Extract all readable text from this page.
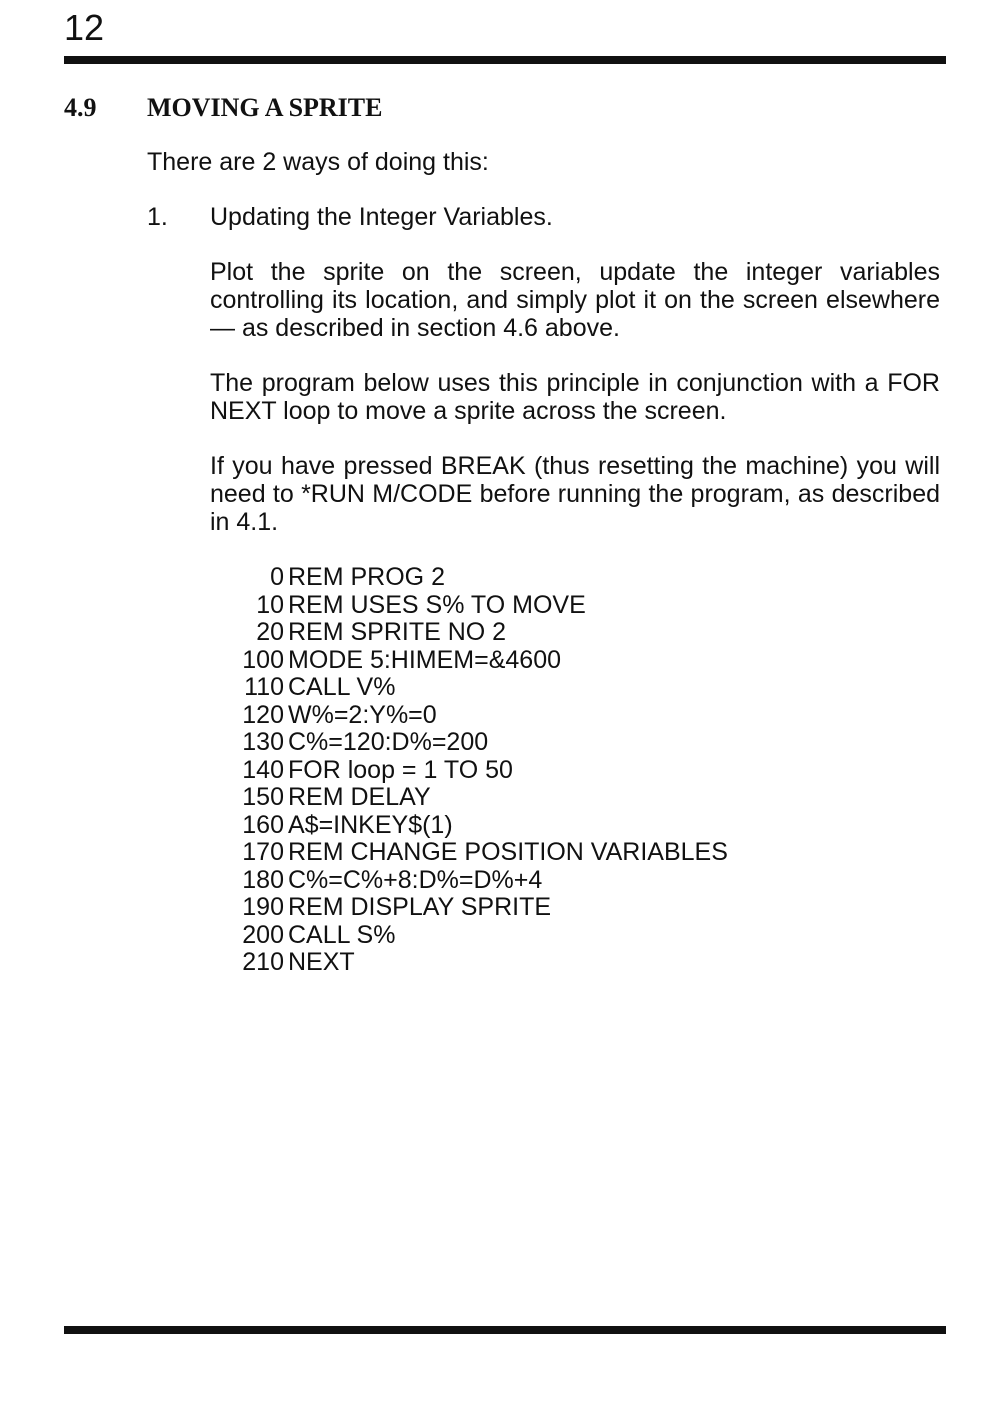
12
4.9 MOVING A SPRITE
There are 2 ways of doing this:
1. Updating the Integer Variables.
Plot the sprite on the screen, update the integer variables controlling its location, and simply plot it on the screen elsewhere — as described in section 4.6 above.
The program below uses this principle in conjunction with a FOR NEXT loop to move a sprite across the screen.
If you have pressed BREAK (thus resetting the machine) you will need to *RUN M/CODE before running the program, as described in 4.1.
0 REM PROG 2
10 REM USES S% TO MOVE
20 REM SPRITE NO 2
100 MODE 5:HIMEM=&4600
110 CALL V%
120 W%=2:Y%=0
130 C%=120:D%=200
140 FOR loop = 1 TO 50
150 REM DELAY
160 A$=INKEY$(1)
170 REM CHANGE POSITION VARIABLES
180 C%=C%+8:D%=D%+4
190 REM DISPLAY SPRITE
200 CALL S%
210 NEXT
